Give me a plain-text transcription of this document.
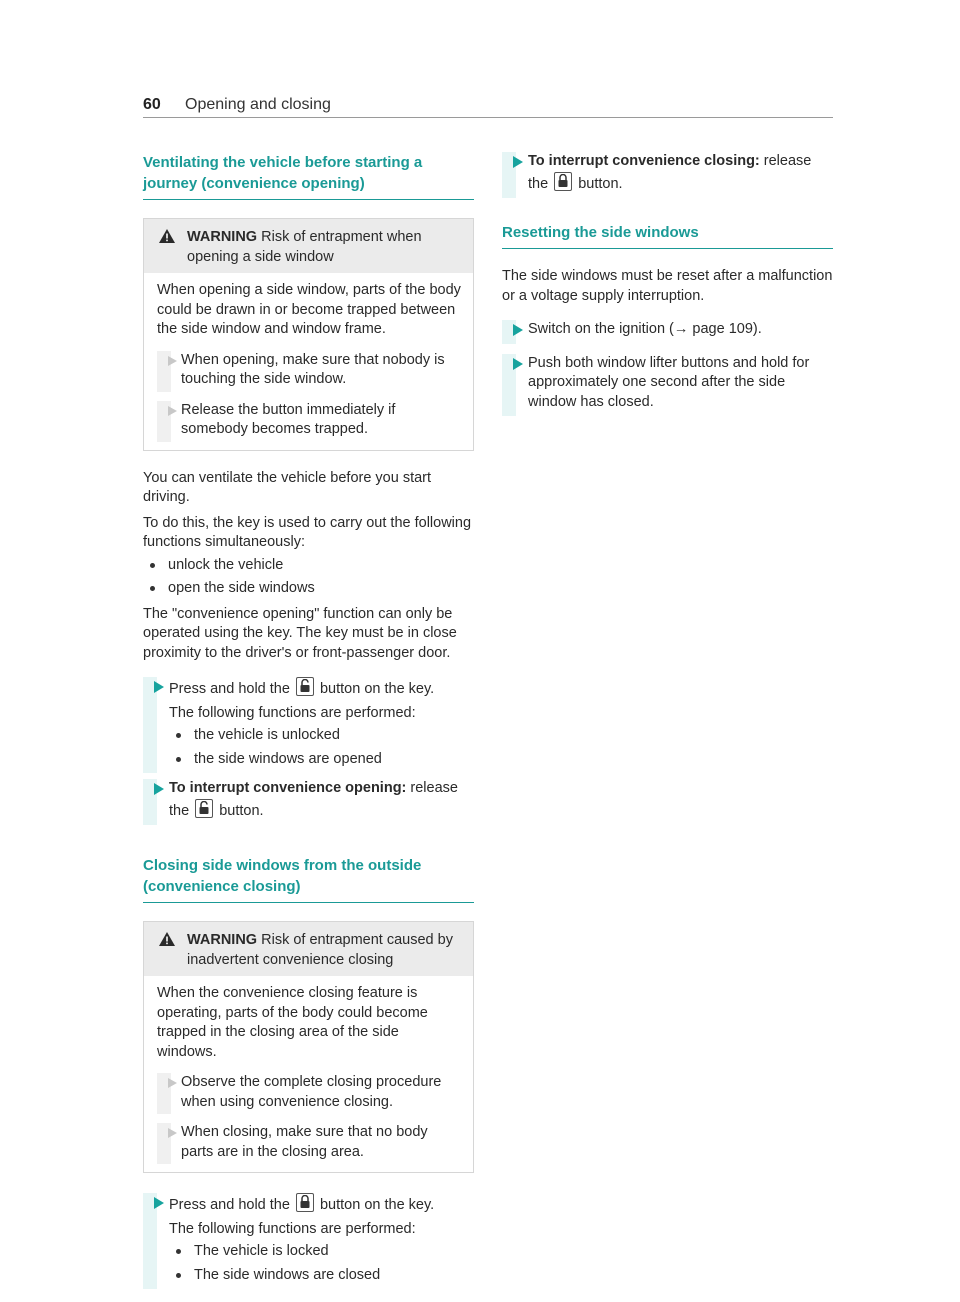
60 Opening and closing
Ventilating the vehicle before starting a journey (convenience opening)
WARNING Risk of entrapment when opening a side window

When opening a side window, parts of the body could be drawn in or become trapped between the side window and window frame.

When opening, make sure that nobody is touching the side window.
Release the button immediately if somebody becomes trapped.

You can ventilate the vehicle before you start driving.

To do this, the key is used to carry out the following functions simultaneously:

unlock the vehicle
open the side windows

The "convenience opening" function can only be operated using the key. The key must be in close proximity to the driver's or front-passenger door.

Press and hold the button on the key.
The following functions are performed:
the vehicle is unlocked
the side windows are opened
To interrupt convenience opening: release the button.
Closing side windows from the outside (convenience closing)
WARNING Risk of entrapment caused by inadvertent convenience closing

When the convenience closing feature is operating, parts of the body could become trapped in the closing area of the side windows.

Observe the complete closing procedure when using convenience closing.
When closing, make sure that no body parts are in the closing area.
Press and hold the button on the key.
The following functions are performed:
The vehicle is locked
The side windows are closed
To interrupt convenience closing: release the button.
Resetting the side windows

The side windows must be reset after a malfunction or a voltage supply interruption.

Switch on the ignition (→ page 109).
Push both window lifter buttons and hold for approximately one second after the side window has closed.
